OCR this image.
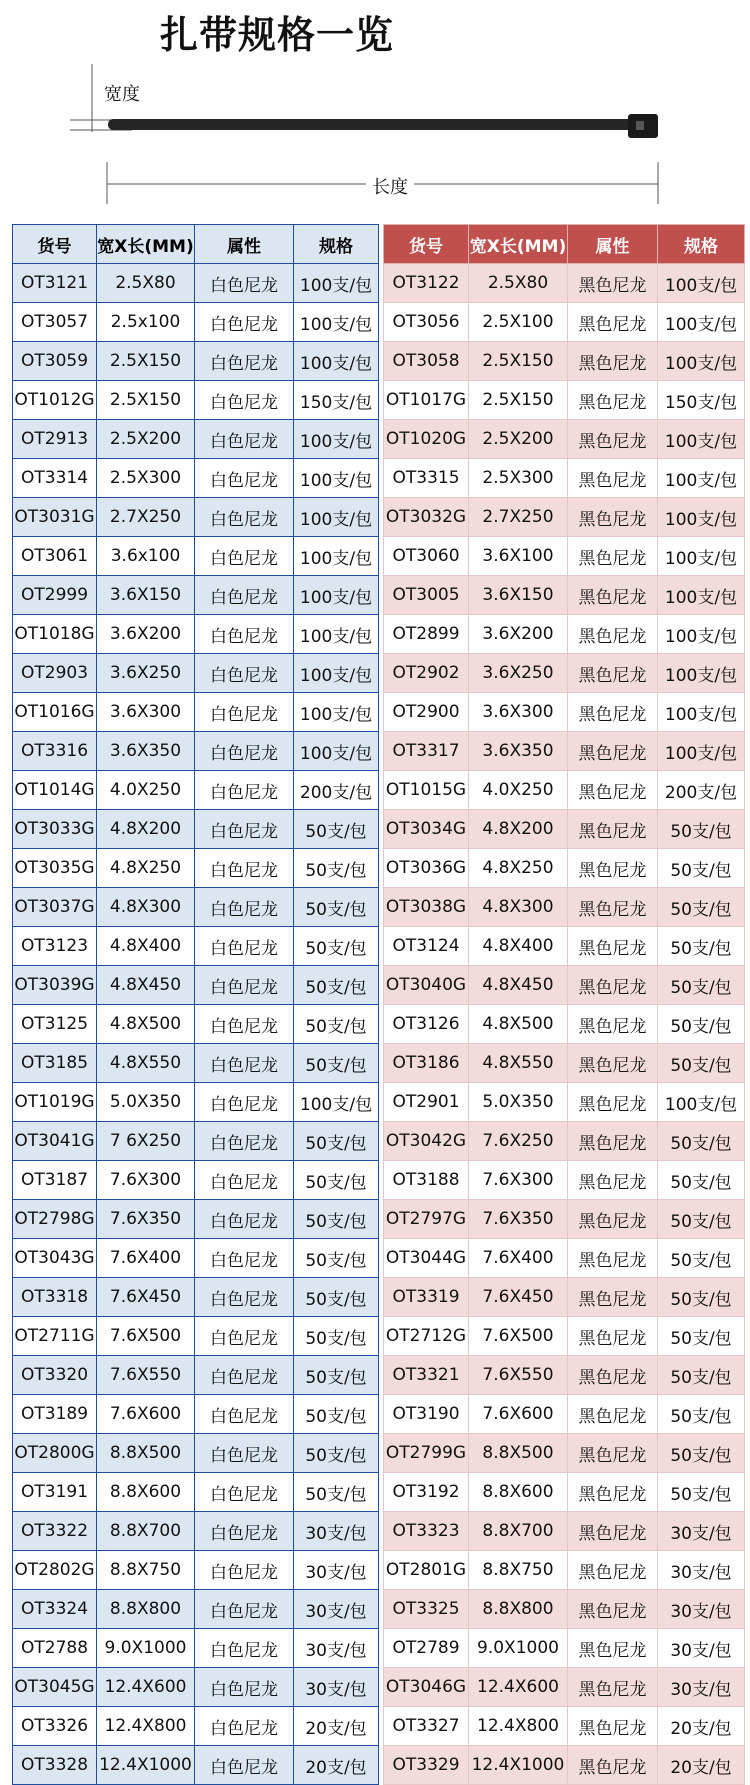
扎带规格一览
宽度
长度
货号	宽X长(MM)	属性	规格
OT3121	2.5X80	白色尼龙	100支/包
OT3057	2.5x100	白色尼龙	100支/包
OT3059	2.5X150	白色尼龙	100支/包
OT1012G	2.5X150	白色尼龙	150支/包
OT2913	2.5X200	白色尼龙	100支/包
OT3314	2.5X300	白色尼龙	100支/包
OT3031G	2.7X250	白色尼龙	100支/包
OT3061	3.6x100	白色尼龙	100支/包
OT2999	3.6X150	白色尼龙	100支/包
OT1018G	3.6X200	白色尼龙	100支/包
OT2903	3.6X250	白色尼龙	100支/包
OT1016G	3.6X300	白色尼龙	100支/包
OT3316	3.6X350	白色尼龙	100支/包
OT1014G	4.0X250	白色尼龙	200支/包
OT3033G	4.8X200	白色尼龙	50支/包
OT3035G	4.8X250	白色尼龙	50支/包
OT3037G	4.8X300	白色尼龙	50支/包
OT3123	4.8X400	白色尼龙	50支/包
OT3039G	4.8X450	白色尼龙	50支/包
OT3125	4.8X500	白色尼龙	50支/包
OT3185	4.8X550	白色尼龙	50支/包
OT1019G	5.0X350	白色尼龙	100支/包
OT3041G	7 6X250	白色尼龙	50支/包
OT3187	7.6X300	白色尼龙	50支/包
OT2798G	7.6X350	白色尼龙	50支/包
OT3043G	7.6X400	白色尼龙	50支/包
OT3318	7.6X450	白色尼龙	50支/包
OT2711G	7.6X500	白色尼龙	50支/包
OT3320	7.6X550	白色尼龙	50支/包
OT3189	7.6X600	白色尼龙	50支/包
OT2800G	8.8X500	白色尼龙	50支/包
OT3191	8.8X600	白色尼龙	50支/包
OT3322	8.8X700	白色尼龙	30支/包
OT2802G	8.8X750	白色尼龙	30支/包
OT3324	8.8X800	白色尼龙	30支/包
OT2788	9.0X1000	白色尼龙	30支/包
OT3045G	12.4X600	白色尼龙	30支/包
OT3326	12.4X800	白色尼龙	20支/包
OT3328	12.4X1000	白色尼龙	20支/包
货号	宽X长(MM)	属性	规格
OT3122	2.5X80	黑色尼龙	100支/包
OT3056	2.5X100	黑色尼龙	100支/包
OT3058	2.5X150	黑色尼龙	100支/包
OT1017G	2.5X150	黑色尼龙	150支/包
OT1020G	2.5X200	黑色尼龙	100支/包
OT3315	2.5X300	黑色尼龙	100支/包
OT3032G	2.7X250	黑色尼龙	100支/包
OT3060	3.6X100	黑色尼龙	100支/包
OT3005	3.6X150	黑色尼龙	100支/包
OT2899	3.6X200	黑色尼龙	100支/包
OT2902	3.6X250	黑色尼龙	100支/包
OT2900	3.6X300	黑色尼龙	100支/包
OT3317	3.6X350	黑色尼龙	100支/包
OT1015G	4.0X250	黑色尼龙	200支/包
OT3034G	4.8X200	黑色尼龙	50支/包
OT3036G	4.8X250	黑色尼龙	50支/包
OT3038G	4.8X300	黑色尼龙	50支/包
OT3124	4.8X400	黑色尼龙	50支/包
OT3040G	4.8X450	黑色尼龙	50支/包
OT3126	4.8X500	黑色尼龙	50支/包
OT3186	4.8X550	黑色尼龙	50支/包
OT2901	5.0X350	黑色尼龙	100支/包
OT3042G	7.6X250	黑色尼龙	50支/包
OT3188	7.6X300	黑色尼龙	50支/包
OT2797G	7.6X350	黑色尼龙	50支/包
OT3044G	7.6X400	黑色尼龙	50支/包
OT3319	7.6X450	黑色尼龙	50支/包
OT2712G	7.6X500	黑色尼龙	50支/包
OT3321	7.6X550	黑色尼龙	50支/包
OT3190	7.6X600	黑色尼龙	50支/包
OT2799G	8.8X500	黑色尼龙	50支/包
OT3192	8.8X600	黑色尼龙	50支/包
OT3323	8.8X700	黑色尼龙	30支/包
OT2801G	8.8X750	黑色尼龙	30支/包
OT3325	8.8X800	黑色尼龙	30支/包
OT2789	9.0X1000	黑色尼龙	30支/包
OT3046G	12.4X600	黑色尼龙	30支/包
OT3327	12.4X800	黑色尼龙	20支/包
OT3329	12.4X1000	黑色尼龙	20支/包
